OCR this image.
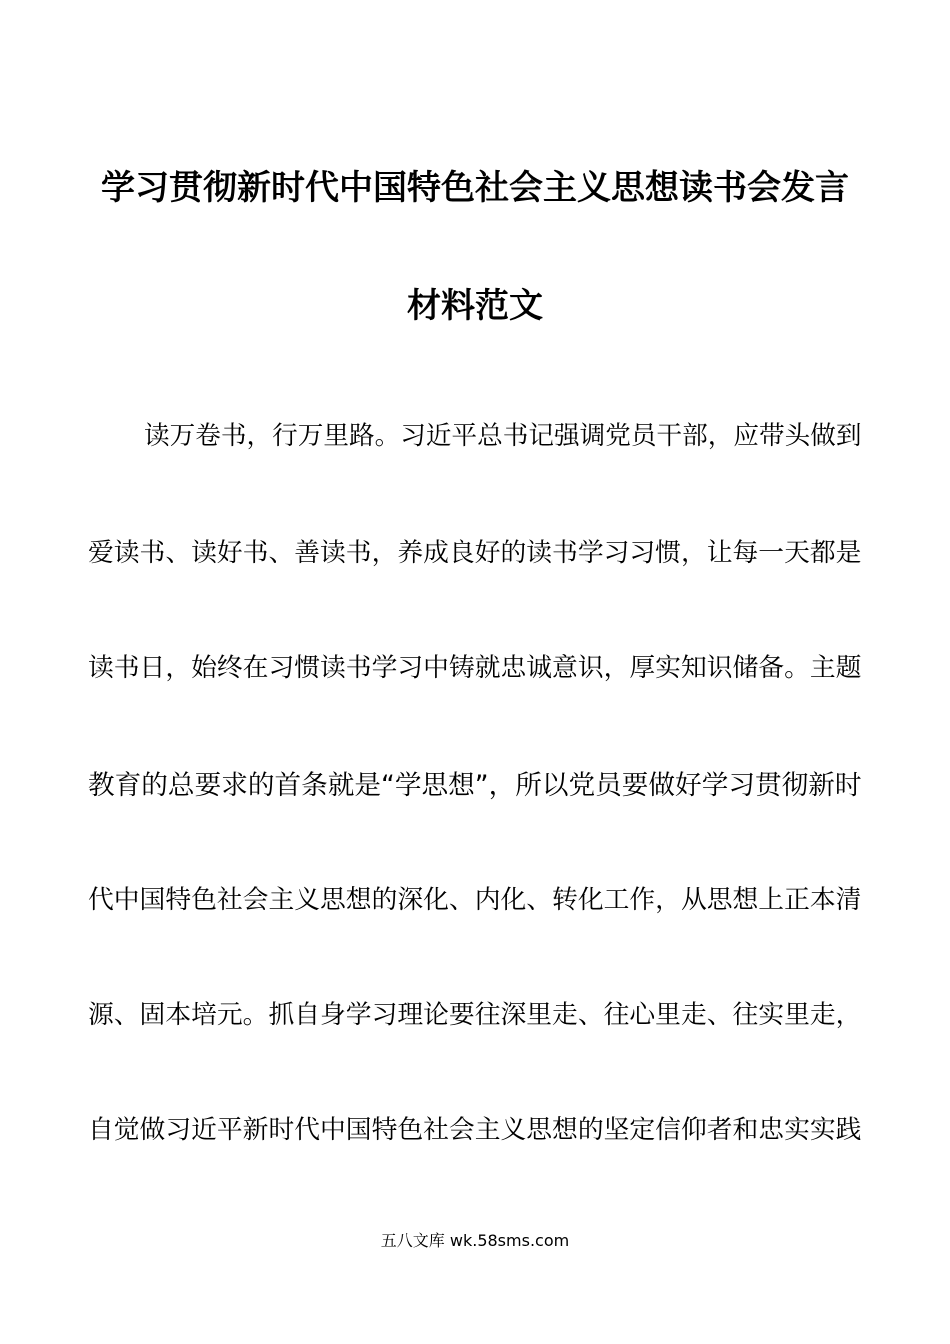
学习贯彻新时代中国特色社会主义思想读书会发言
材料范文
读万卷书，行万里路。习近平总书记强调党员干部，应带头做到
爱读书、读好书、善读书，养成良好的读书学习习惯，让每一天都是
读书日，始终在习惯读书学习中铸就忠诚意识，厚实知识储备。主题
教育的总要求的首条就是“学思想”，所以党员要做好学习贯彻新时
代中国特色社会主义思想的深化、内化、转化工作，从思想上正本清
源、固本培元。抓自身学习理论要往深里走、往心里走、往实里走，
自觉做习近平新时代中国特色社会主义思想的坚定信仰者和忠实实践
五八文库 wk.58sms.com
